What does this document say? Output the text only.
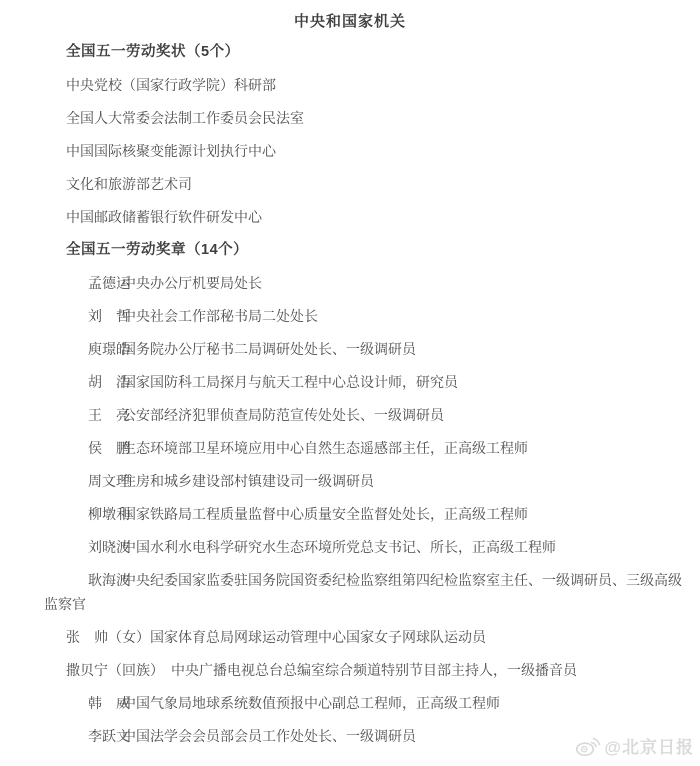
中央和国家机关

全国五一劳动奖状（5个）

中央党校（国家行政学院）科研部

全国人大常委会法制工作委员会民法室

中国国际核聚变能源计划执行中心

文化和旅游部艺术司

中国邮政储蓄银行软件研发中心

全国五一劳动奖章（14个）

孟德运中央办公厅机要局处长

刘　哲中央社会工作部秘书局二处处长

庾璟皓国务院办公厅秘书二局调研处处长、一级调研员

胡　浩国家国防科工局探月与航天工程中心总设计师，研究员

王　亮公安部经济犯罪侦查局防范宣传处处长、一级调研员

侯　鹏生态环境部卫星环境应用中心自然生态遥感部主任，正高级工程师

周文理住房和城乡建设部村镇建设司一级调研员

柳墩利国家铁路局工程质量监督中心质量安全监督处处长，正高级工程师

刘晓波中国水利水电科学研究水生态环境所党总支书记、所长，正高级工程师

耿海波中央纪委国家监委驻国务院国资委纪检监察组第四纪检监察室主任、一级调研员、三级高级监察官

张　帅（女）国家体育总局网球运动管理中心国家女子网球队运动员

撒贝宁（回族）　 中央广播电视总台总编室综合频道特别节目部主持人，一级播音员

韩　威中国气象局地球系统数值预报中心副总工程师，正高级工程师

李跃文中国法学会会员部会员工作处处长、一级调研员

@北京日报
